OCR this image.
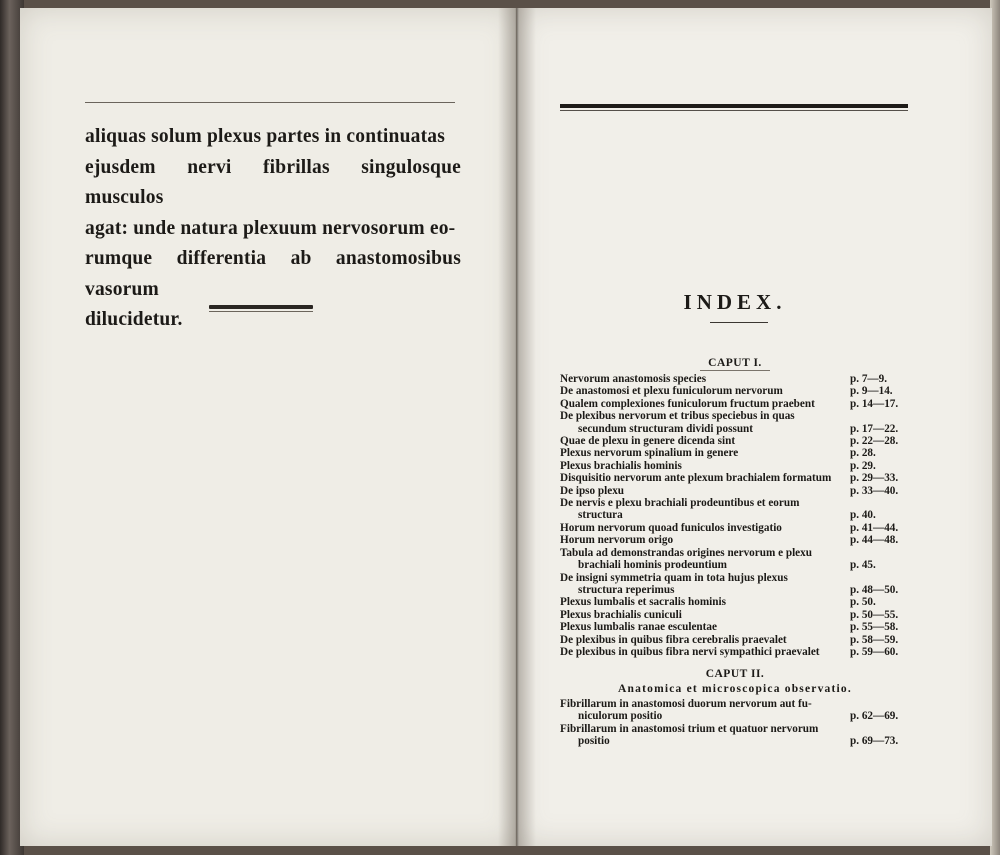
aliquas solum plexus partes in continuatas

ejusdem nervi fibrillas singulosque musculos

agat: unde natura plexuum nervosorum eo-

rumque differentia ab anastomosibus vasorum

dilucidetur.

INDEX.
CAPUT I.
Nervorum anastomosis species	p. 7—9.
De anastomosi et plexu funiculorum nervorum	p. 9—14.
Qualem complexiones funiculorum fructum praebent	p. 14—17.
De plexibus nervorum et tribus speciebus in quas

secundum structuram dividi possunt	p. 17—22.
Quae de plexu in genere dicenda sint	p. 22—28.
Plexus nervorum spinalium in genere	p. 28.
Plexus brachialis hominis	p. 29.
Disquisitio nervorum ante plexum brachialem formatum	p. 29—33.
De ipso plexu	p. 33—40.
De nervis e plexu brachiali prodeuntibus et eorum

structura	p. 40.
Horum nervorum quoad funiculos investigatio	p. 41—44.
Horum nervorum origo	p. 44—48.
Tabula ad demonstrandas origines nervorum e plexu

brachiali hominis prodeuntium	p. 45.
De insigni symmetria quam in tota hujus plexus

structura reperimus	p. 48—50.
Plexus lumbalis et sacralis hominis	p. 50.
Plexus brachialis cuniculi	p. 50—55.
Plexus lumbalis ranae esculentae	p. 55—58.
De plexibus in quibus fibra cerebralis praevalet	p. 58—59.
De plexibus in quibus fibra nervi sympathici praevalet	p. 59—60.
CAPUT II.
Anatomica et microscopica observatio.
Fibrillarum in anastomosi duorum nervorum aut fu-

niculorum positio	p. 62—69.
Fibrillarum in anastomosi trium et quatuor nervorum

positio	p. 69—73.
